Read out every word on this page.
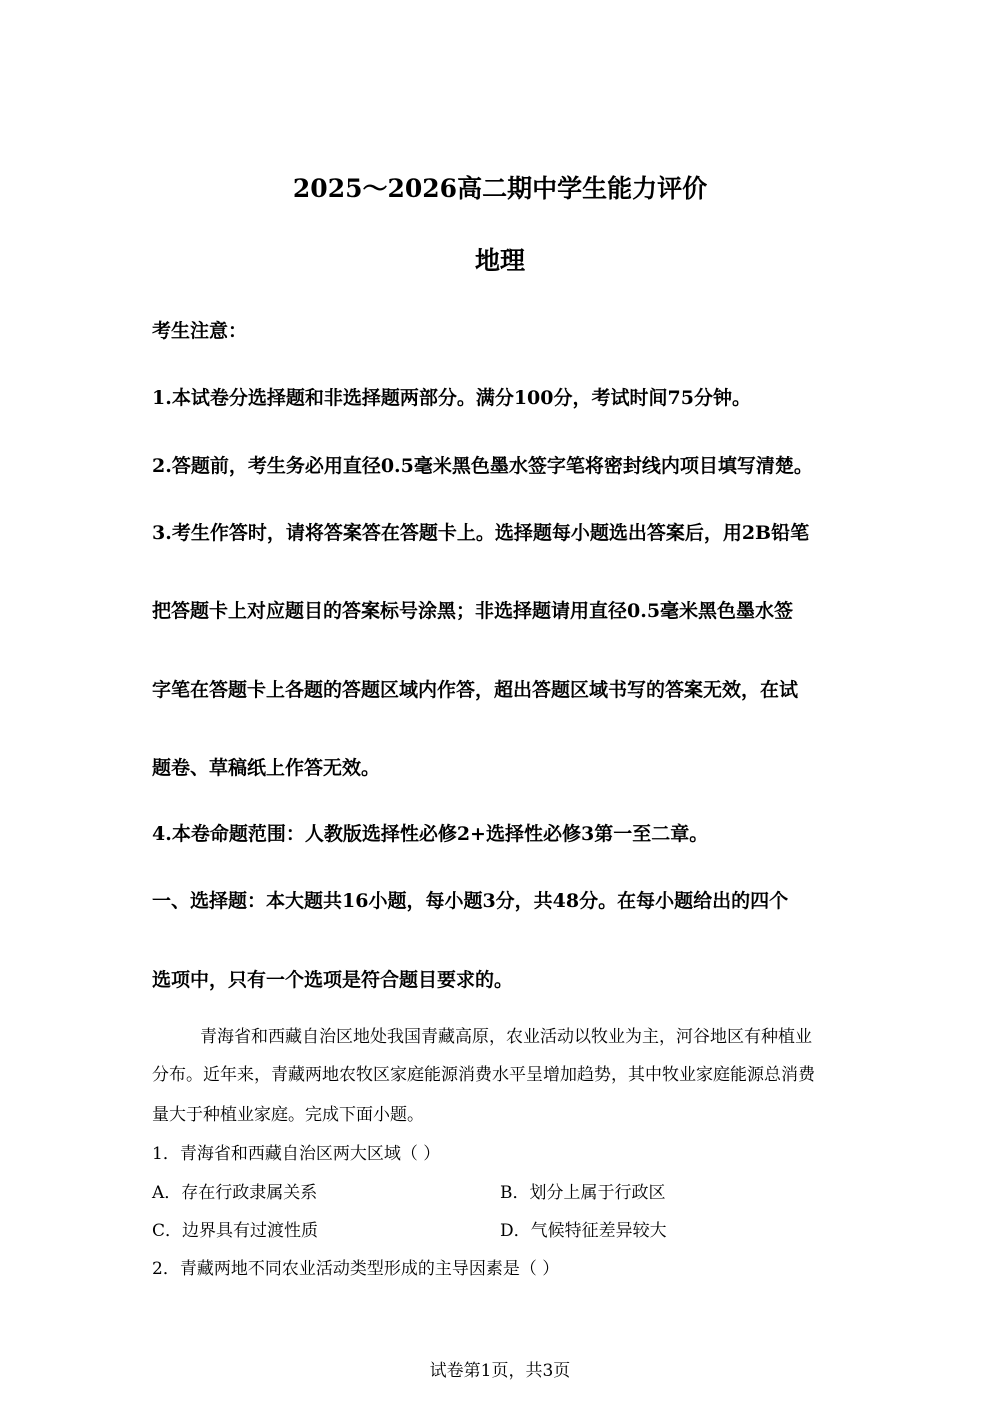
2025～2026高二期中学生能力评价
地理
考生注意：
1.本试卷分选择题和非选择题两部分。满分100分，考试时间75分钟。
2.答题前，考生务必用直径0.5毫米黑色墨水签字笔将密封线内项目填写清楚。
3.考生作答时，请将答案答在答题卡上。选择题每小题选出答案后，用2B铅笔
把答题卡上对应题目的答案标号涂黑；非选择题请用直径0.5毫米黑色墨水签
字笔在答题卡上各题的答题区域内作答，超出答题区域书写的答案无效，在试
题卷、草稿纸上作答无效。
4.本卷命题范围：人教版选择性必修2+选择性必修3第一至二章。
一、选择题：本大题共16小题，每小题3分，共48分。在每小题给出的四个
选项中，只有一个选项是符合题目要求的。
青海省和西藏自治区地处我国青藏高原，农业活动以牧业为主，河谷地区有种植业
分布。近年来，青藏两地农牧区家庭能源消费水平呈增加趋势，其中牧业家庭能源总消费
量大于种植业家庭。完成下面小题。
1．青海省和西藏自治区两大区域（ ）
A．存在行政隶属关系	B．划分上属于行政区
C．边界具有过渡性质	D．气候特征差异较大
2．青藏两地不同农业活动类型形成的主导因素是（ ）
试卷第1页，共3页
